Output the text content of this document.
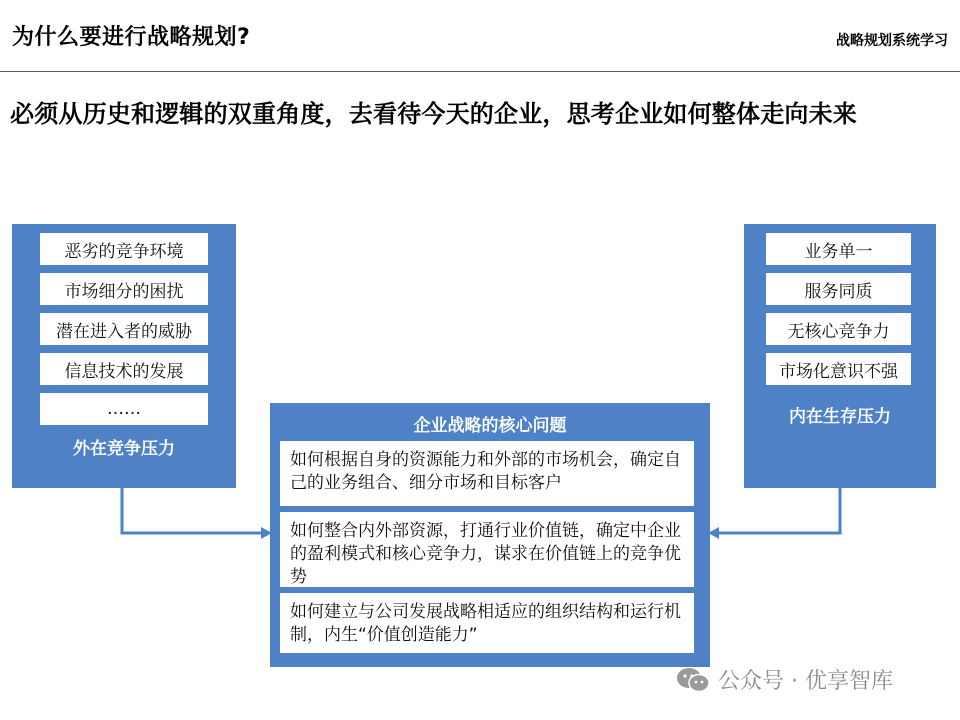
为什么要进行战略规划?	战略规划系统学习
必须从历史和逻辑的双重角度，去看待今天的企业，思考企业如何整体走向未来
恶劣的竞争环境
市场细分的困扰
潜在进入者的威胁
信息技术的发展
……
外在竞争压力
业务单一
服务同质
无核心竞争力
市场化意识不强
内在生存压力
企业战略的核心问题
如何根据自身的资源能力和外部的市场机会，确定自己的业务组合、细分市场和目标客户
如何整合内外部资源，打通行业价值链，确定中企业的盈利模式和核心竞争力，谋求在价值链上的竞争优势
如何建立与公司发展战略相适应的组织结构和运行机制，内生“价值创造能力”
公众号 · 优享智库
